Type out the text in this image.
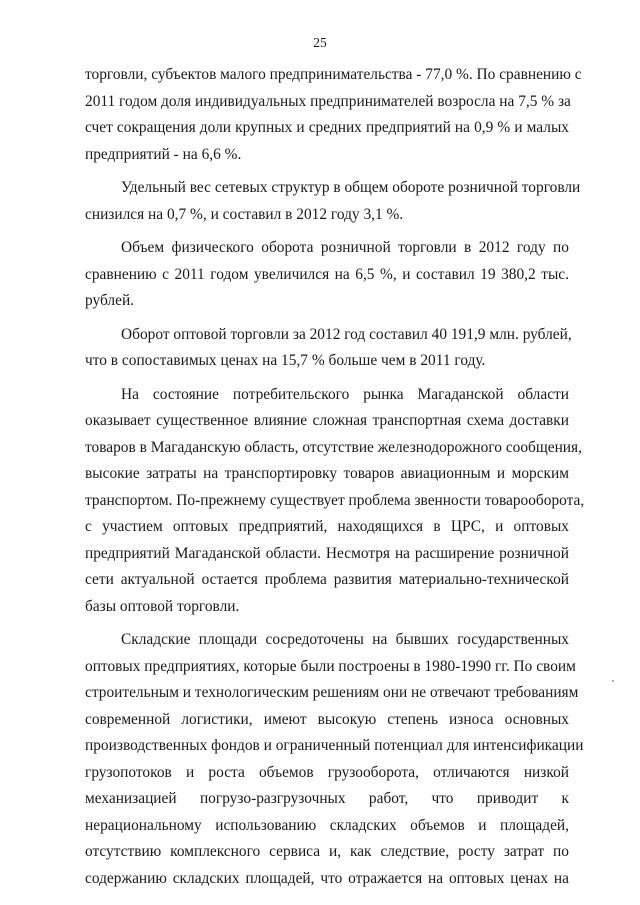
25
торговли, субъектов малого предпринимательства - 77,0 %. По сравнению с
2011 годом доля индивидуальных предпринимателей возросла на 7,5 % за
счет сокращения доли крупных и средних предприятий на 0,9 % и малых
предприятий - на 6,6 %.
Удельный вес сетевых структур в общем обороте розничной торговли
снизился на 0,7 %, и составил в 2012 году 3,1 %.
Объем физического оборота розничной торговли в 2012 году по
сравнению с 2011 годом увеличился на 6,5 %, и составил 19 380,2 тыс.
рублей.
Оборот оптовой торговли за 2012 год составил 40 191,9 млн. рублей,
что в сопоставимых ценах на 15,7 % больше чем в 2011 году.
На состояние потребительского рынка Магаданской области
оказывает существенное влияние сложная транспортная схема доставки
товаров в Магаданскую область, отсутствие железнодорожного сообщения,
высокие затраты на транспортировку товаров авиационным и морским
транспортом. По-прежнему существует проблема звенности товарооборота,
с участием оптовых предприятий, находящихся в ЦРС, и оптовых
предприятий Магаданской области. Несмотря на расширение розничной
сети актуальной остается проблема развития материально-технической
базы оптовой торговли.
Складские площади сосредоточены на бывших государственных
оптовых предприятиях, которые были построены в 1980-1990 гг. По своим
строительным и технологическим решениям они не отвечают требованиям
современной логистики, имеют высокую степень износа основных
производственных фондов и ограниченный потенциал для интенсификации
грузопотоков и роста объемов грузооборота, отличаются низкой
механизацией погрузо-разгрузочных работ, что приводит к
нерациональному использованию складских объемов и площадей,
отсутствию комплексного сервиса и, как следствие, росту затрат по
содержанию складских площадей, что отражается на оптовых ценах на
